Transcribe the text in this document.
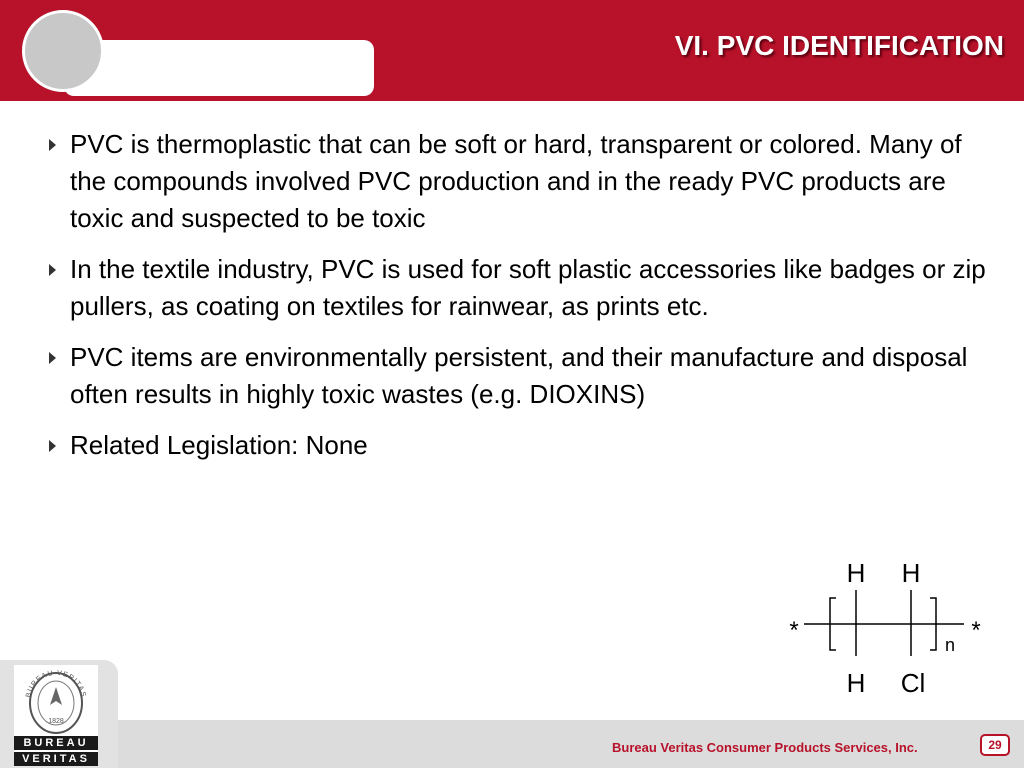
VI. PVC IDENTIFICATION
PVC is thermoplastic that can be soft or hard, transparent or colored. Many of the compounds involved PVC production and in the ready PVC products are toxic and suspected to be toxic
In the textile industry, PVC is used for soft plastic accessories like badges or zip pullers, as coating on textiles for rainwear, as prints etc.
PVC items are environmentally persistent, and their manufacture and disposal often results in highly toxic wastes (e.g. DIOXINS)
Related Legislation: None
H H
H Cl
*	*
n
BUREAU VERITAS
1828
BUREAU
VERITAS
Bureau Veritas Consumer Products Services, Inc.	29
